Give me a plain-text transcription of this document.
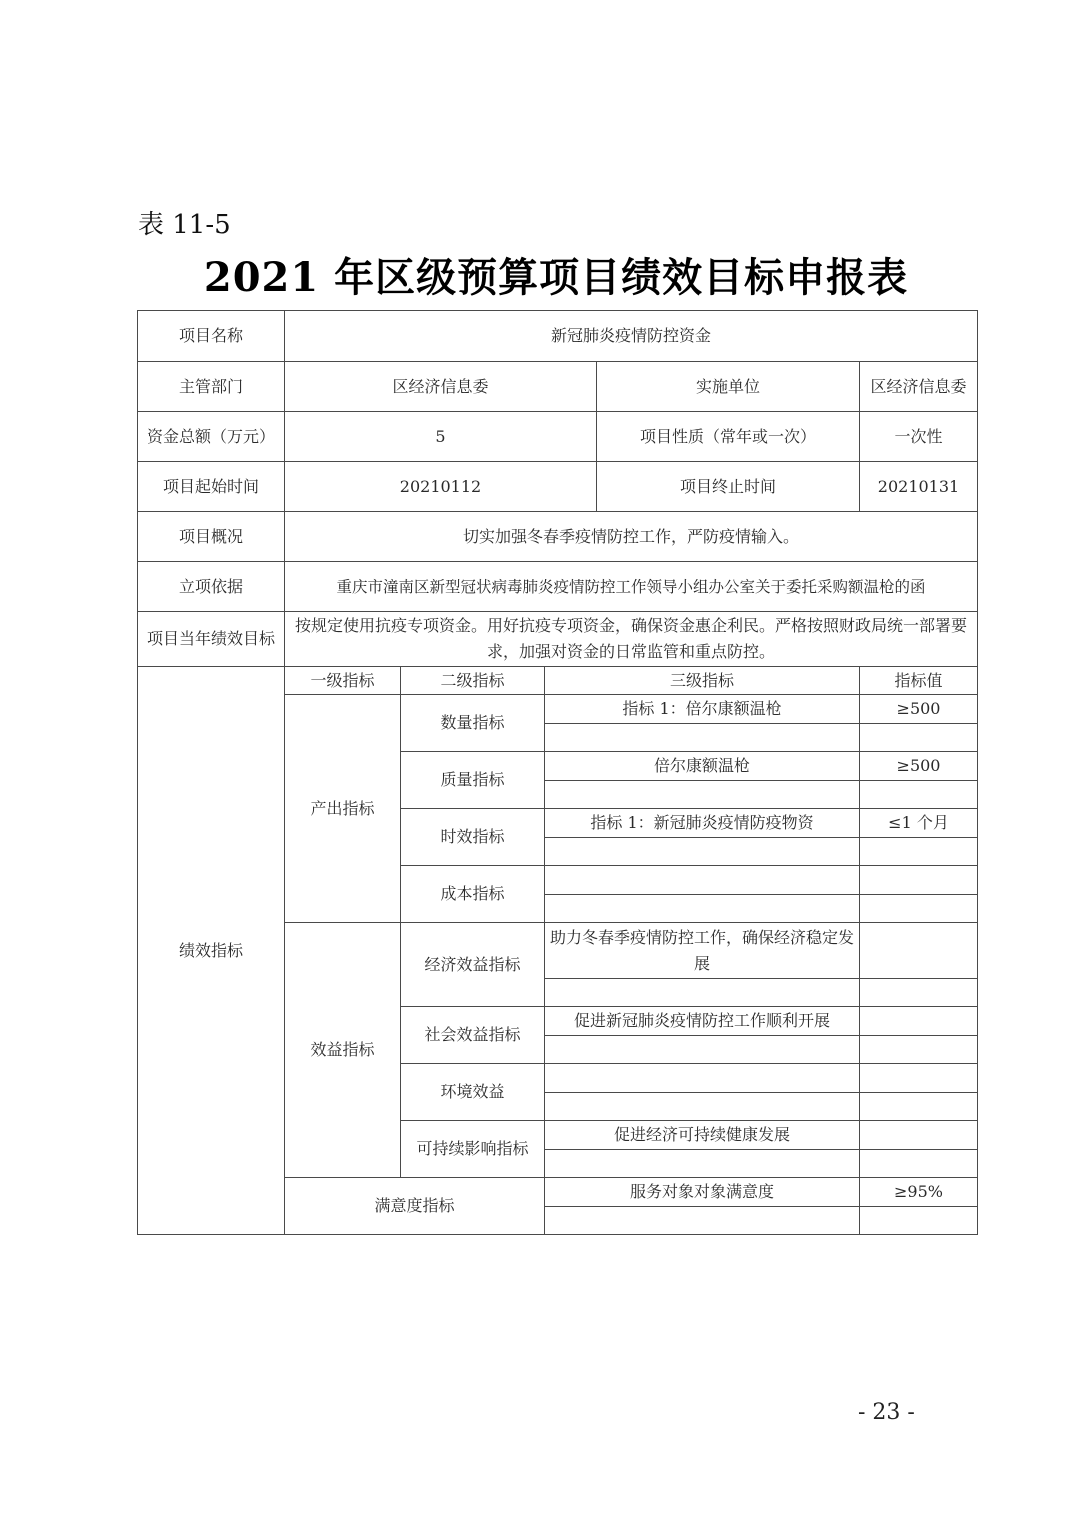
表 11-5
2021 年区级预算项目绩效目标申报表
项目名称	新冠肺炎疫情防控资金				
主管部门	区经济信息委			实施单位	区经济信息委
资金总额（万元）	5			项目性质（常年或一次）	一次性
项目起始时间	20210112			项目终止时间	20210131
项目概况	切实加强冬春季疫情防控工作，严防疫情输入。				
立项依据	重庆市潼南区新型冠状病毒肺炎疫情防控工作领导小组办公室关于委托采购额温枪的函				
项目当年绩效目标	按规定使用抗疫专项资金。用好抗疫专项资金，确保资金惠企利民。严格按照财政局统一部署要求，加强对资金的日常监管和重点防控。				
绩效指标	一级指标	二级指标	三级指标		指标值
	产出指标	数量指标	指标 1：倍尔康额温枪		≥500

		质量指标	倍尔康额温枪		≥500

		时效指标	指标 1：新冠肺炎疫情防疫物资		≤1 个月

		成本指标			

	效益指标	经济效益指标	助力冬春季疫情防控工作，确保经济稳定发展		

		社会效益指标	促进新冠肺炎疫情防控工作顺利开展		

		环境效益			

		可持续影响指标	促进经济可持续健康发展		

	满意度指标		服务对象对象满意度		≥95%

- 23 -
